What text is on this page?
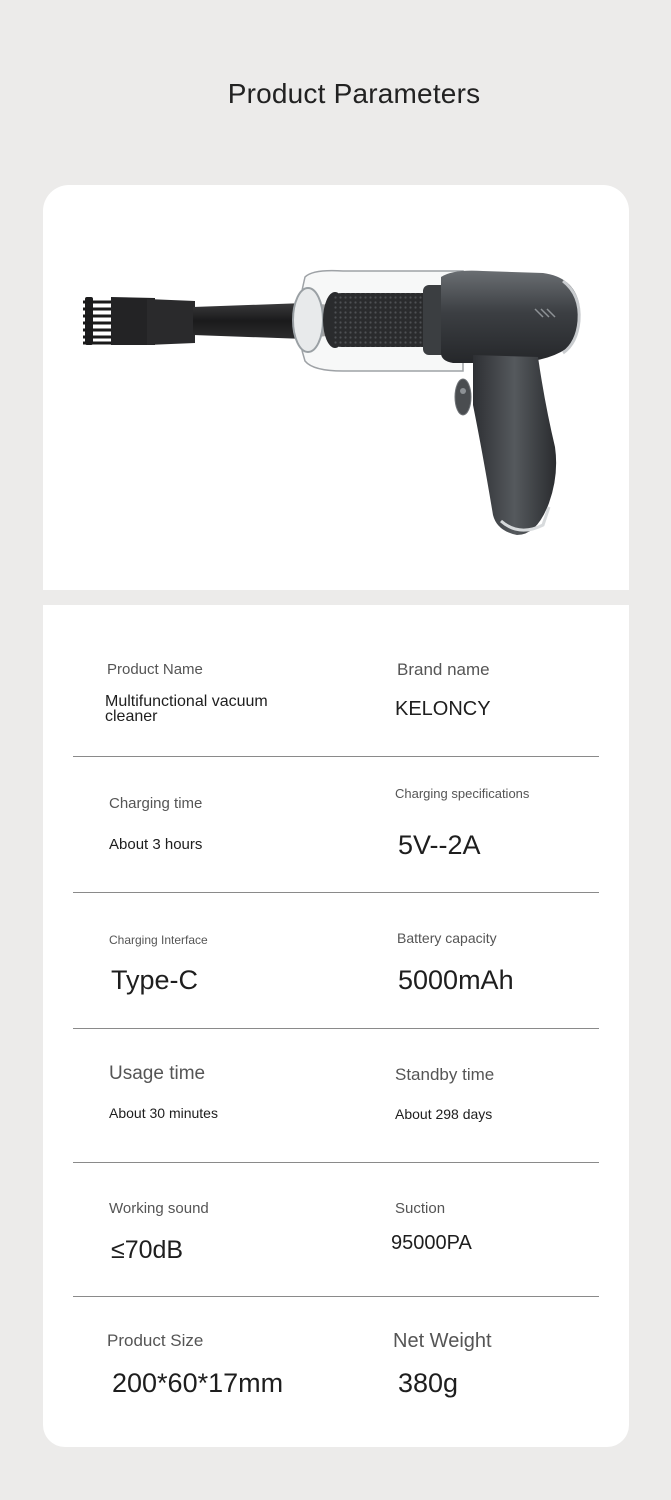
Product Parameters
Product Name
Multifunctional vacuum cleaner
Brand name
KELONCY
Charging time
About 3 hours
Charging specifications
5V--2A
Charging Interface
Type-C
Battery capacity
5000mAh
Usage time
About 30 minutes
Standby time
About 298 days
Working sound
≤70dB
Suction
95000PA
Product Size
200*60*17mm
Net Weight
380g
